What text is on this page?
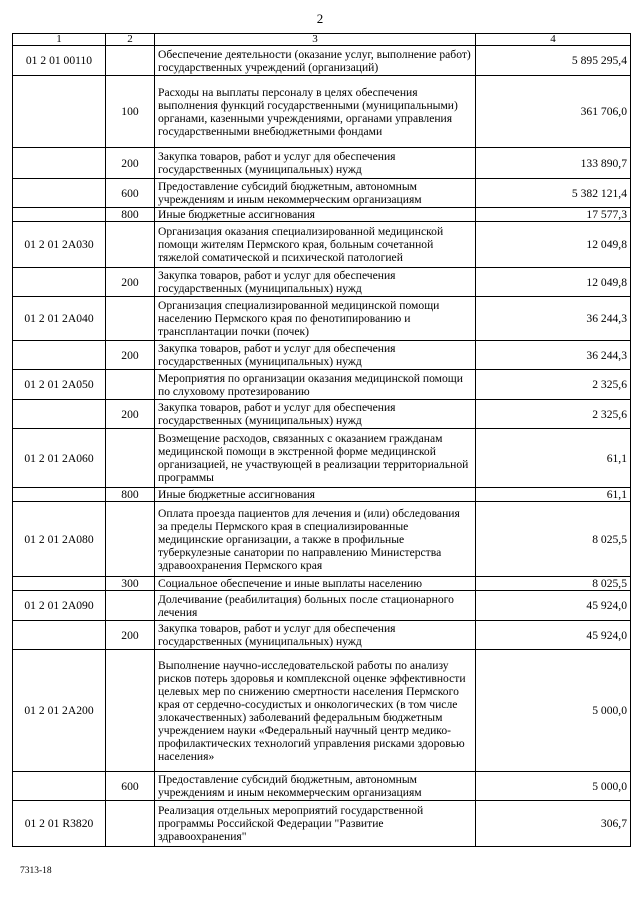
2
1	2	3	4
01 2 01 00110		Обеспечение деятельности (оказание услуг, выполнение работ) государственных учреждений (организаций)	5 895 295,4
	100	Расходы на выплаты персоналу в целях обеспечения выполнения функций государственными (муниципальными) органами, казенными учреждениями, органами управления государственными внебюджетными фондами	361 706,0
	200	Закупка товаров, работ и услуг для обеспечения государственных (муниципальных) нужд	133 890,7
	600	Предоставление субсидий бюджетным, автономным учреждениям и иным некоммерческим организациям	5 382 121,4
	800	Иные бюджетные ассигнования	17 577,3
01 2 01 2А030		Организация оказания специализированной медицинской помощи жителям Пермского края, больным сочетанной тяжелой соматической и психической патологией	12 049,8
	200	Закупка товаров, работ и услуг для обеспечения государственных (муниципальных) нужд	12 049,8
01 2 01 2А040		Организация специализированной медицинской помощи населению Пермского края по фенотипированию и трансплантации почки (почек)	36 244,3
	200	Закупка товаров, работ и услуг для обеспечения государственных (муниципальных) нужд	36 244,3
01 2 01 2А050		Мероприятия по организации оказания медицинской помощи по слуховому протезированию	2 325,6
	200	Закупка товаров, работ и услуг для обеспечения государственных (муниципальных) нужд	2 325,6
01 2 01 2А060		Возмещение расходов, связанных с оказанием гражданам медицинской помощи в экстренной форме медицинской организацией, не участвующей в реализации территориальной программы	61,1
	800	Иные бюджетные ассигнования	61,1
01 2 01 2А080		Оплата проезда пациентов для лечения и (или) обследования за пределы Пермского края в специализированные медицинские организации, а также в профильные туберкулезные санатории по направлению Министерства здравоохранения Пермского края	8 025,5
	300	Социальное обеспечение и иные выплаты населению	8 025,5
01 2 01 2А090		Долечивание (реабилитация) больных после стационарного лечения	45 924,0
	200	Закупка товаров, работ и услуг для обеспечения государственных (муниципальных) нужд	45 924,0
01 2 01 2А200		Выполнение научно-исследовательской работы по анализу рисков потерь здоровья и комплексной оценке эффективности целевых мер по снижению смертности населения Пермского края от сердечно-сосудистых и онкологических (в том числе злокачественных) заболеваний федеральным бюджетным учреждением науки «Федеральный научный центр медико-профилактических технологий управления рисками здоровью населения»	5 000,0
	600	Предоставление субсидий бюджетным, автономным учреждениям и иным некоммерческим организациям	5 000,0
01 2 01 R3820		Реализация отдельных мероприятий государственной программы Российской Федерации "Развитие здравоохранения"	306,7
7313-18
